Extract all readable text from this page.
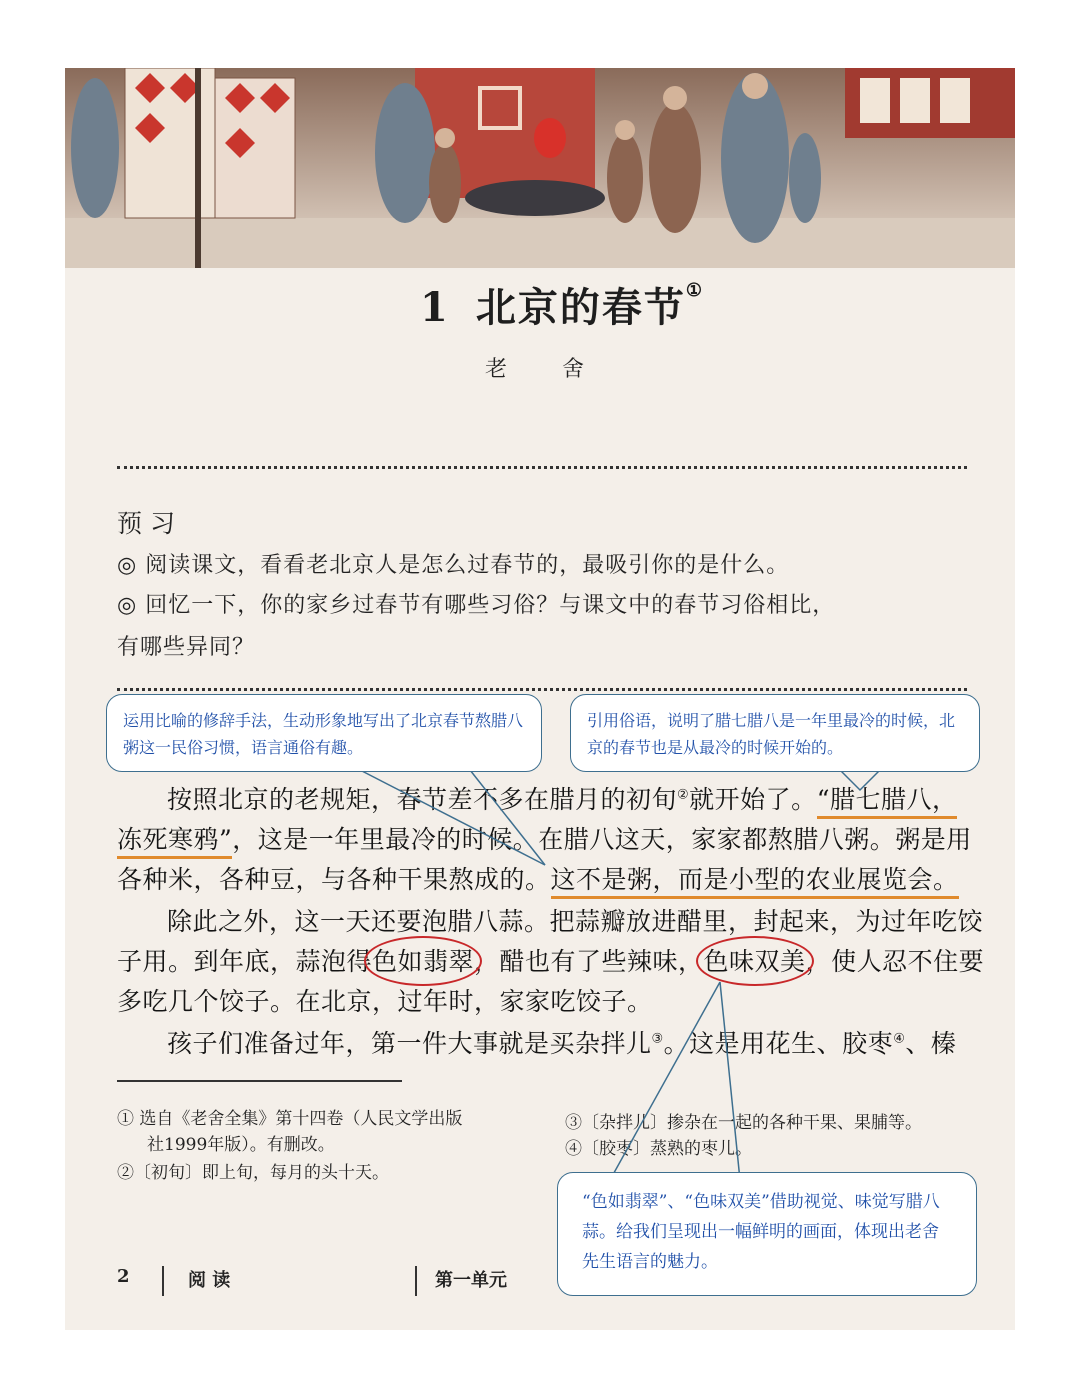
1 北京的春节①
老 舍
预习
◎ 阅读课文，看看老北京人是怎么过春节的，最吸引你的是什么。
◎ 回忆一下，你的家乡过春节有哪些习俗？与课文中的春节习俗相比，
有哪些异同？
按照北京的老规矩，春节差不多在腊月的初旬②就开始了。“腊七腊八，
冻死寒鸦”，这是一年里最冷的时候。在腊八这天，家家都熬腊八粥。粥是用
各种米，各种豆，与各种干果熬成的。这不是粥，而是小型的农业展览会。
除此之外，这一天还要泡腊八蒜。把蒜瓣放进醋里，封起来，为过年吃饺
子用。到年底，蒜泡得色如翡翠，醋也有了些辣味，色味双美，使人忍不住要
多吃几个饺子。在北京，过年时，家家吃饺子。
孩子们准备过年，第一件大事就是买杂拌儿③。这是用花生、胶枣④、榛
① 选自《老舍全集》第十四卷（人民文学出版
社1999年版）。有删改。
②〔初旬〕即上旬，每月的头十天。
③〔杂拌儿〕掺杂在一起的各种干果、果脯等。
④〔胶枣〕蒸熟的枣儿。
2	阅 读	第一单元
运用比喻的修辞手法，生动形象地写出了北京春节熬腊八粥这一民俗习惯，语言通俗有趣。
引用俗语，说明了腊七腊八是一年里最冷的时候，北京的春节也是从最冷的时候开始的。
“色如翡翠”、“色味双美”借助视觉、味觉写腊八蒜。给我们呈现出一幅鲜明的画面，体现出老舍先生语言的魅力。
